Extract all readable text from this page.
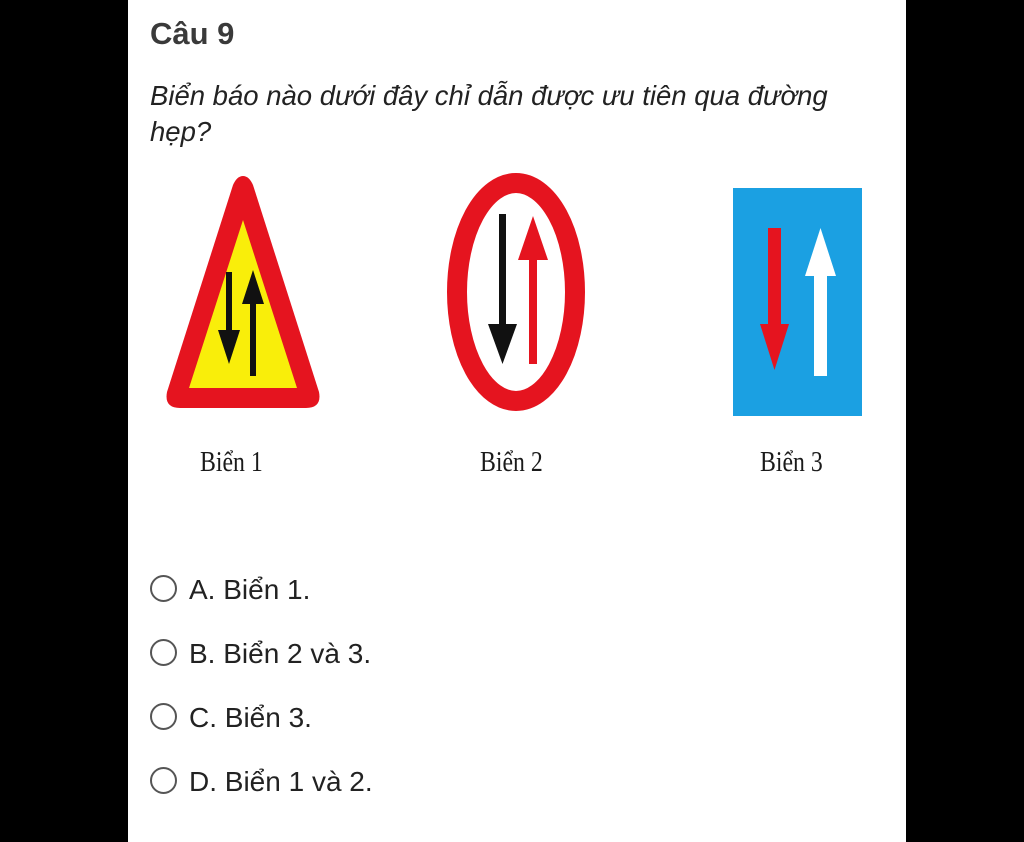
Câu 9
Biển báo nào dưới đây chỉ dẫn được ưu tiên qua đường hẹp?
Biển 1	Biển 2	Biển 3
A. Biển 1.
B. Biển 2 và 3.
C. Biển 3.
D. Biển 1 và 2.
